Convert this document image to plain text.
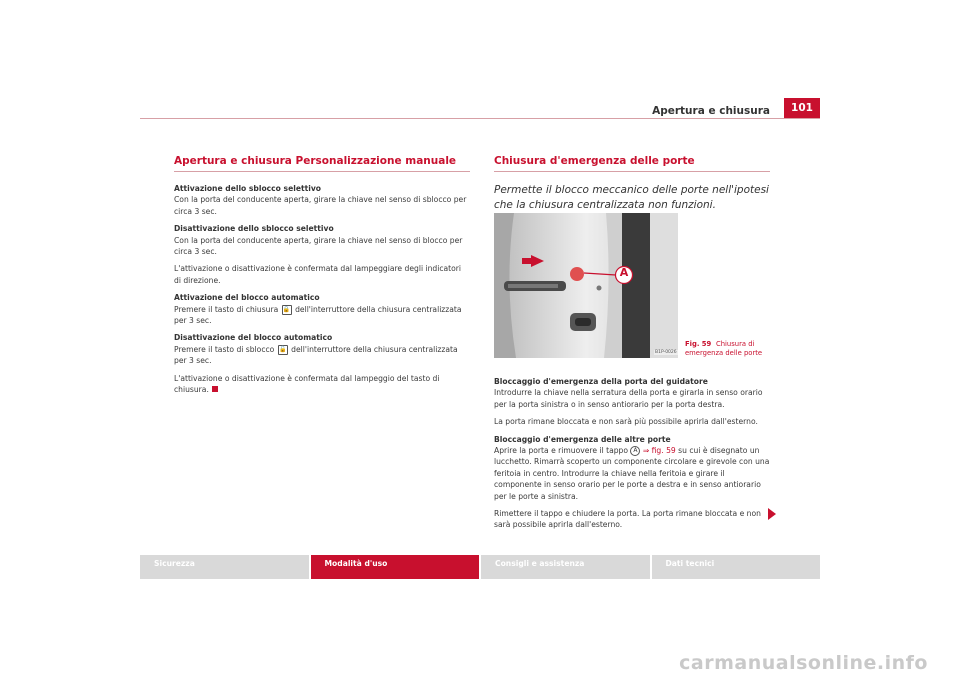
Apertura e chiusura	101
Apertura e chiusura Personalizzazione manuale

Attivazione dello sblocco selettivo

Con la porta del conducente aperta, girare la chiave nel senso di sblocco per circa 3 sec.

Disattivazione dello sblocco selettivo

Con la porta del conducente aperta, girare la chiave nel senso di blocco per circa 3 sec.

L'attivazione o disattivazione è confermata dal lampeggiare degli indicatori di direzione.

Attivazione del blocco automatico

Premere il tasto di chiusura 🔒 dell'interruttore della chiusura centralizzata per 3 sec.

Disattivazione del blocco automatico

Premere il tasto di sblocco 🔓 dell'interruttore della chiusura centralizzata per 3 sec.

L'attivazione o disattivazione è confermata dal lampeggio del tasto di chiusura.

Chiusura d'emergenza delle porte

Permette il blocco meccanico delle porte nell'ipotesi che la chiusura centralizzata non funzioni.

A
B1P-0026
Fig. 59 Chiusura di emergenza delle porte

Bloccaggio d'emergenza della porta del guidatore

Introdurre la chiave nella serratura della porta e girarla in senso orario per la porta sinistra o in senso antiorario per la porta destra.

La porta rimane bloccata e non sarà più possibile aprirla dall'esterno.

Bloccaggio d'emergenza delle altre porte

Aprire la porta e rimuovere il tappo A ⇒ fig. 59 su cui è disegnato un lucchetto. Rimarrà scoperto un componente circolare e girevole con una feritoia in centro. Introdurre la chiave nella feritoia e girare il componente in senso orario per le porte a destra e in senso antiorario per le porte a sinistra.

Rimettere il tappo e chiudere la porta. La porta rimane bloccata e non sarà possibile aprirla dall'esterno.

Sicurezza	Modalità d'uso	Consigli e assistenza	Dati tecnici
carmanualsonline.info
